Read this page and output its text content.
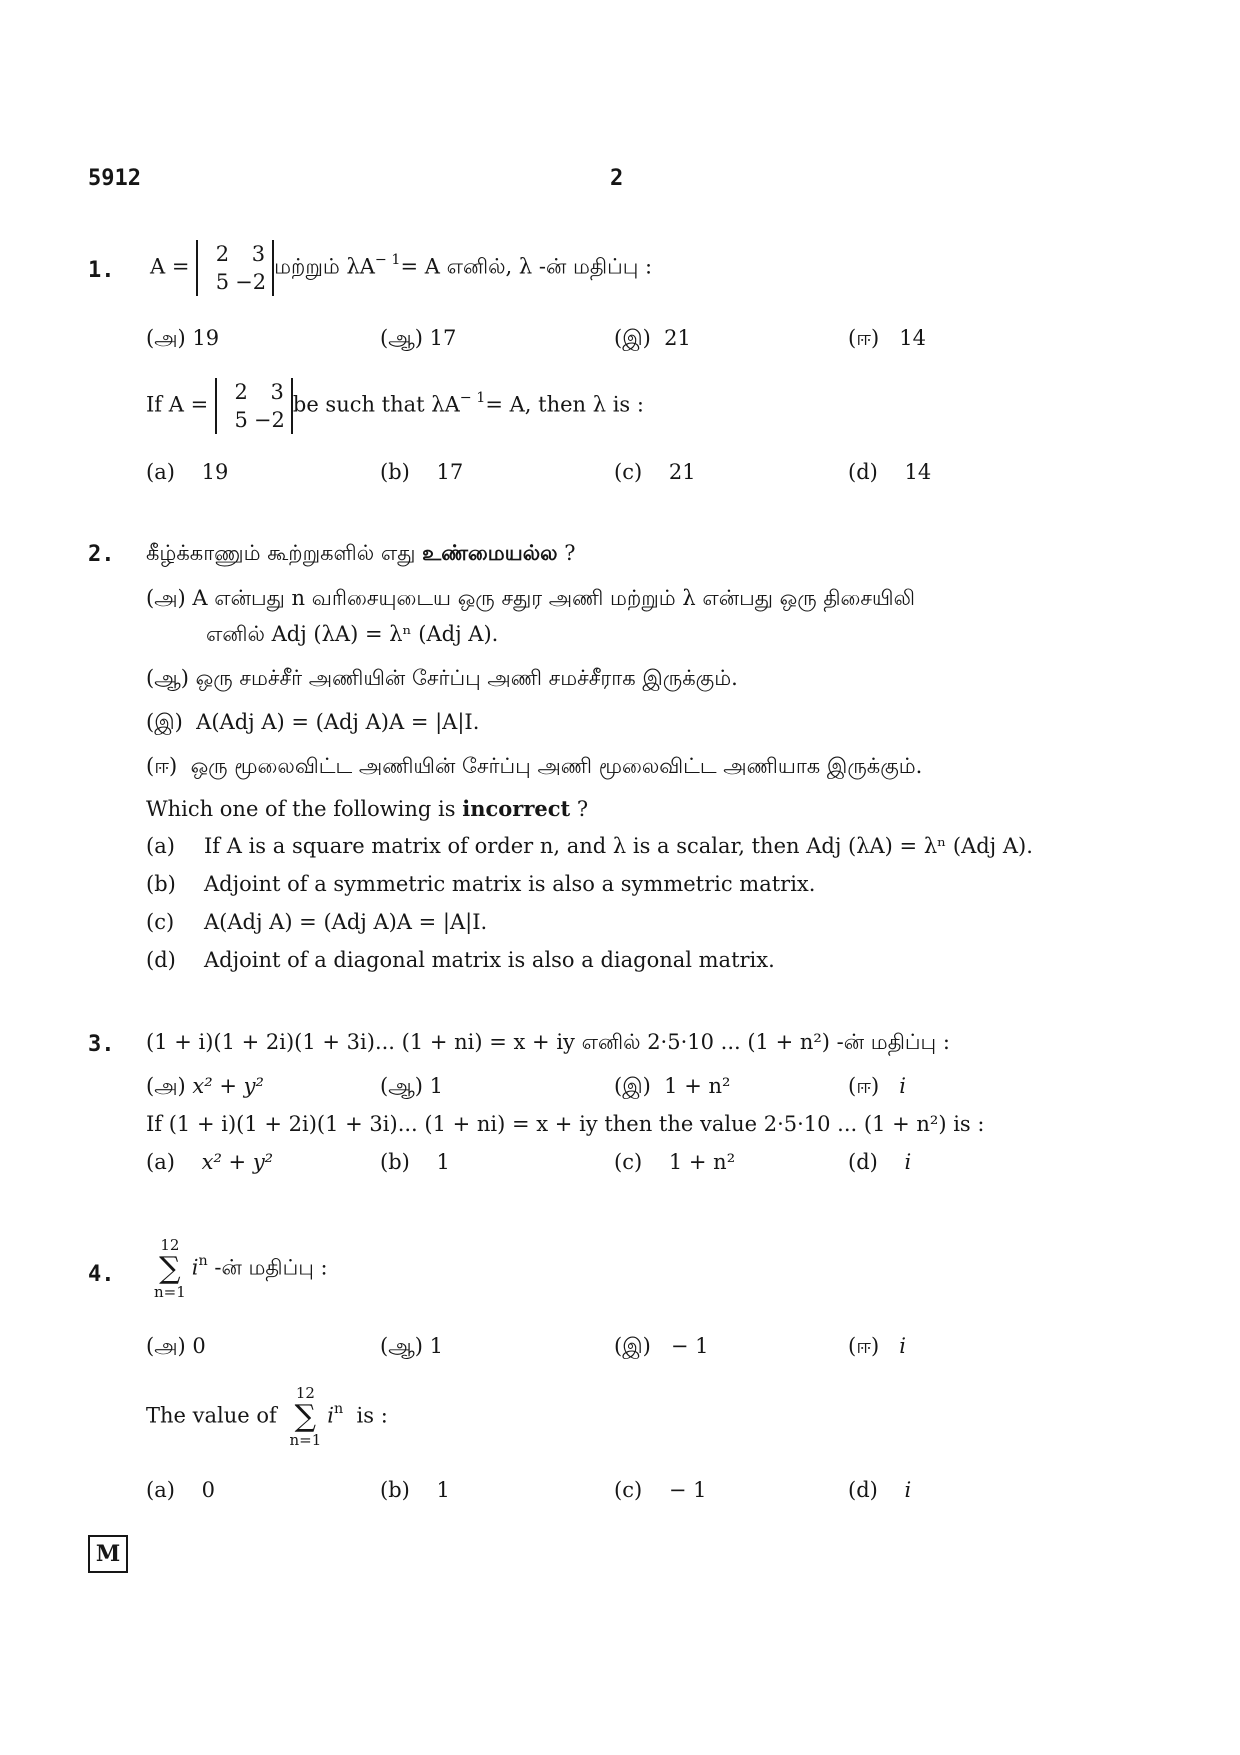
5912	2
1. A =
2	3
5 −2
மற்றும் $\lambda A^{- 1}= A$ எனில், λ -ன் மதிப்பு :
(அ) 19	(ஆ) 17	(இ) 21	(ஈ) 14
If A =
2	3
5 −2
be such that $\lambda A^{- 1}= A$, then λ is :
(a) 19	(b) 17	(c) 21	(d) 14
2. கீழ்க்காணும் கூற்றுகளில் எது உண்மையல்ல ?
(அ) A என்பது n வரிசையுடைய ஒரு சதுர அணி மற்றும் λ என்பது ஒரு திசையிலி
எனில் Adj (λA) = λⁿ (Adj A).
(ஆ) ஒரு சமச்சீர் அணியின் சேர்ப்பு அணி சமச்சீராக இருக்கும்.
(இ) A(Adj A) = (Adj A)A = |A|I.
(ஈ) ஒரு மூலைவிட்ட அணியின் சேர்ப்பு அணி மூலைவிட்ட அணியாக இருக்கும்.
Which one of the following is incorrect ?
(a) If A is a square matrix of order n, and λ is a scalar, then Adj (λA) = λⁿ (Adj A).
(b) Adjoint of a symmetric matrix is also a symmetric matrix.
(c) A(Adj A) = (Adj A)A = |A|I.
(d) Adjoint of a diagonal matrix is also a diagonal matrix.
3. (1 + i)(1 + 2i)(1 + 3i)... (1 + ni) = x + iy எனில் 2·5·10 ... (1 + n²) -ன் மதிப்பு :
(அ) x² + y²	(ஆ) 1	(இ) 1 + n²	(ஈ) i
If (1 + i)(1 + 2i)(1 + 3i)... (1 + ni) = x + iy then the value 2·5·10 ... (1 + n²) is :
(a) x² + y²	(b) 1	(c) 1 + n²	(d) i
4.
12
∑
n=1
$i^n$ -ன் மதிப்பு :
(அ) 0	(ஆ) 1	(இ) − 1	(ஈ) i
The value of
12
∑
n=1
$i^n$ is :
(a) 0	(b) 1	(c) − 1	(d) i
M
